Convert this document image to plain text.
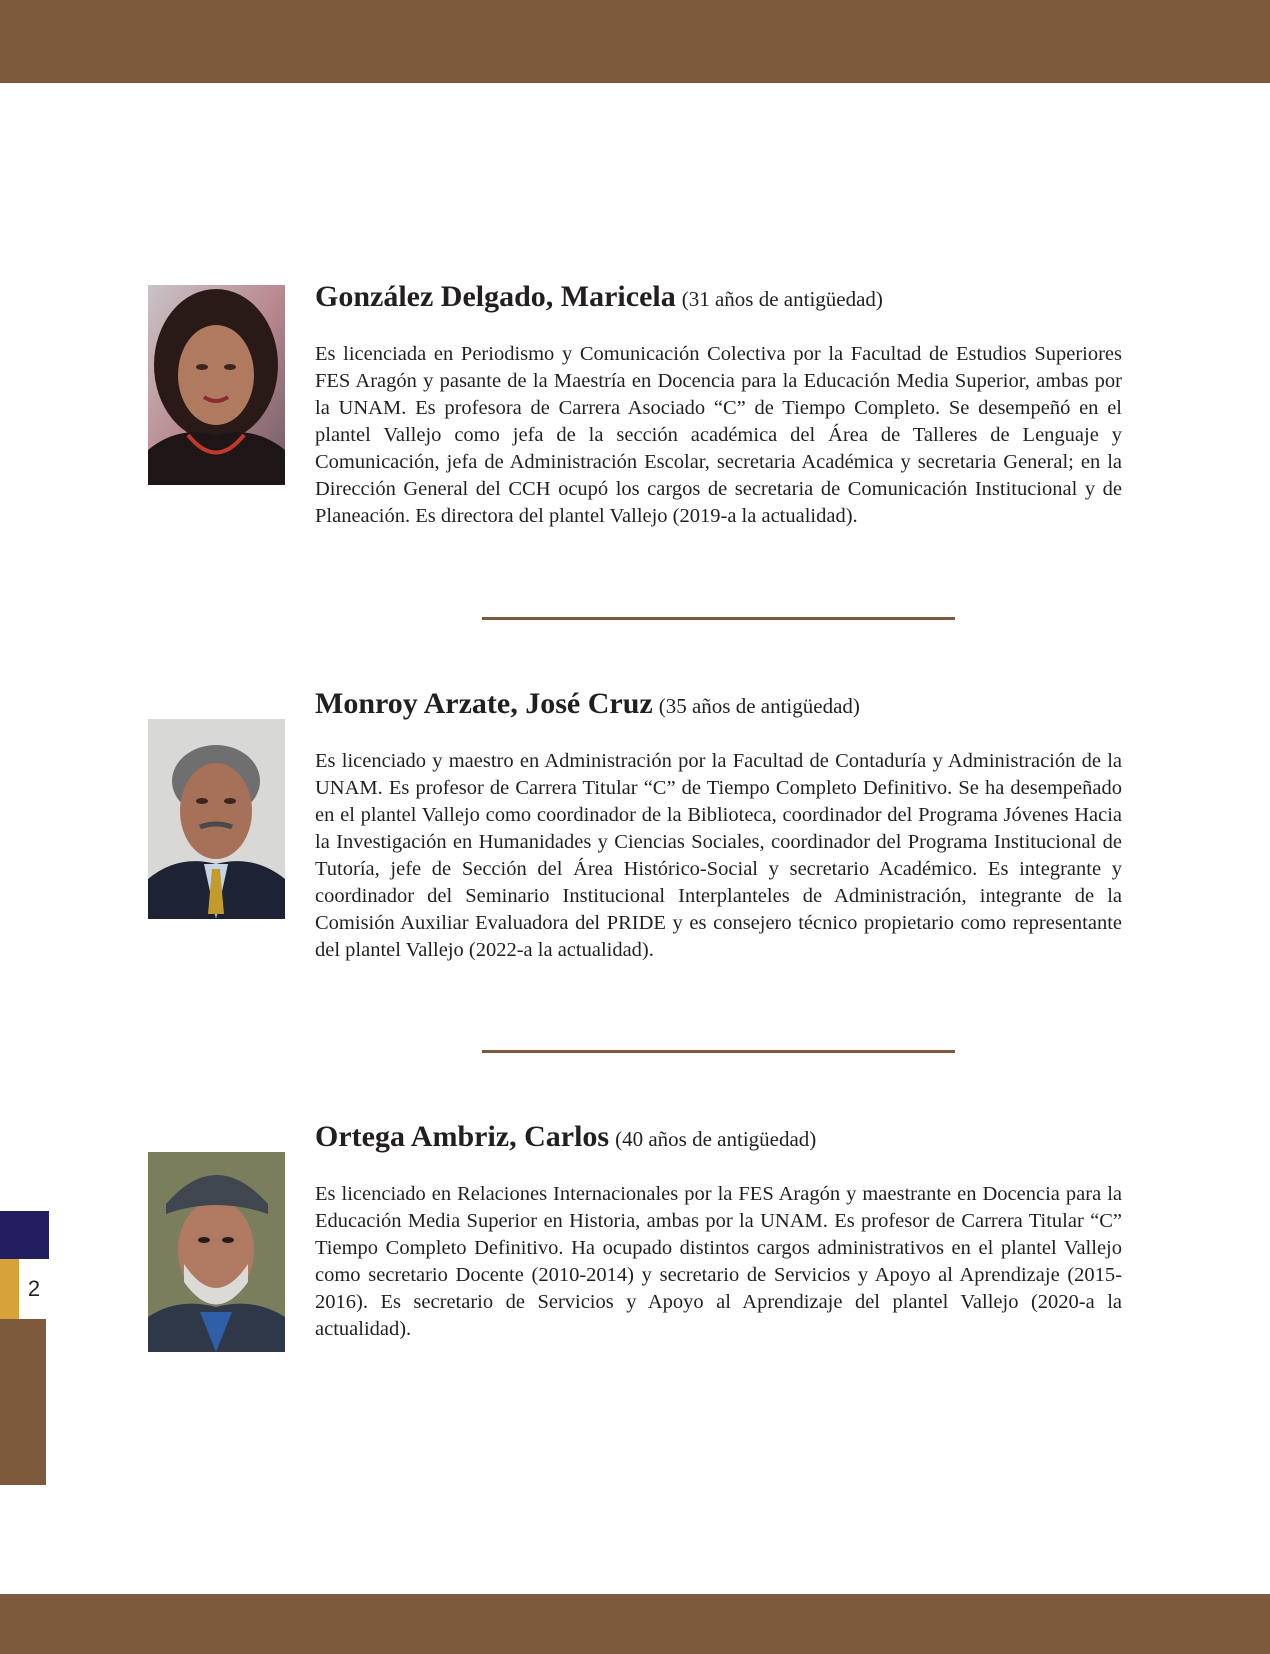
González Delgado, Maricela (31 años de antigüedad)

Es licenciada en Periodismo y Comunicación Colectiva por la Facultad de Estudios Superiores FES Aragón y pasante de la Maestría en Docencia para la Educación Media Superior, ambas por la UNAM. Es profesora de Carrera Asociado “C” de Tiempo Completo. Se desempeñó en el plantel Vallejo como jefa de la sección académica del Área de Talleres de Lenguaje y Comunicación, jefa de Administración Escolar, secretaria Académica y secretaria General; en la Dirección General del CCH ocupó los cargos de secretaria de Comunicación Institucional y de Planeación. Es directora del plantel Vallejo (2019-a la actualidad).

Monroy Arzate, José Cruz (35 años de antigüedad)

Es licenciado y maestro en Administración por la Facultad de Contaduría y Administración de la UNAM. Es profesor de Carrera Titular “C” de Tiempo Completo Definitivo. Se ha desempeñado en el plantel Vallejo como coordinador de la Biblioteca, coordinador del Programa Jóvenes Hacia la Investigación en Humanidades y Ciencias Sociales, coordinador del Programa Institucional de Tutoría, jefe de Sección del Área Histórico-Social y secretario Académico. Es integrante y coordinador del Seminario Institucional Interplanteles de Administración, integrante de la Comisión Auxiliar Evaluadora del PRIDE y es consejero técnico propietario como representante del plantel Vallejo (2022-a la actualidad).

Ortega Ambriz, Carlos (40 años de antigüedad)

Es licenciado en Relaciones Internacionales por la FES Aragón y maestrante en Docencia para la Educación Media Superior en Historia, ambas por la UNAM. Es profesor de Carrera Titular “C” Tiempo Completo Definitivo. Ha ocupado distintos cargos administrativos en el plantel Vallejo como secretario Docente (2010-2014) y secretario de Servicios y Apoyo al Aprendizaje (2015-2016). Es secretario de Servicios y Apoyo al Aprendizaje del plantel Vallejo (2020-a la actualidad).

2
